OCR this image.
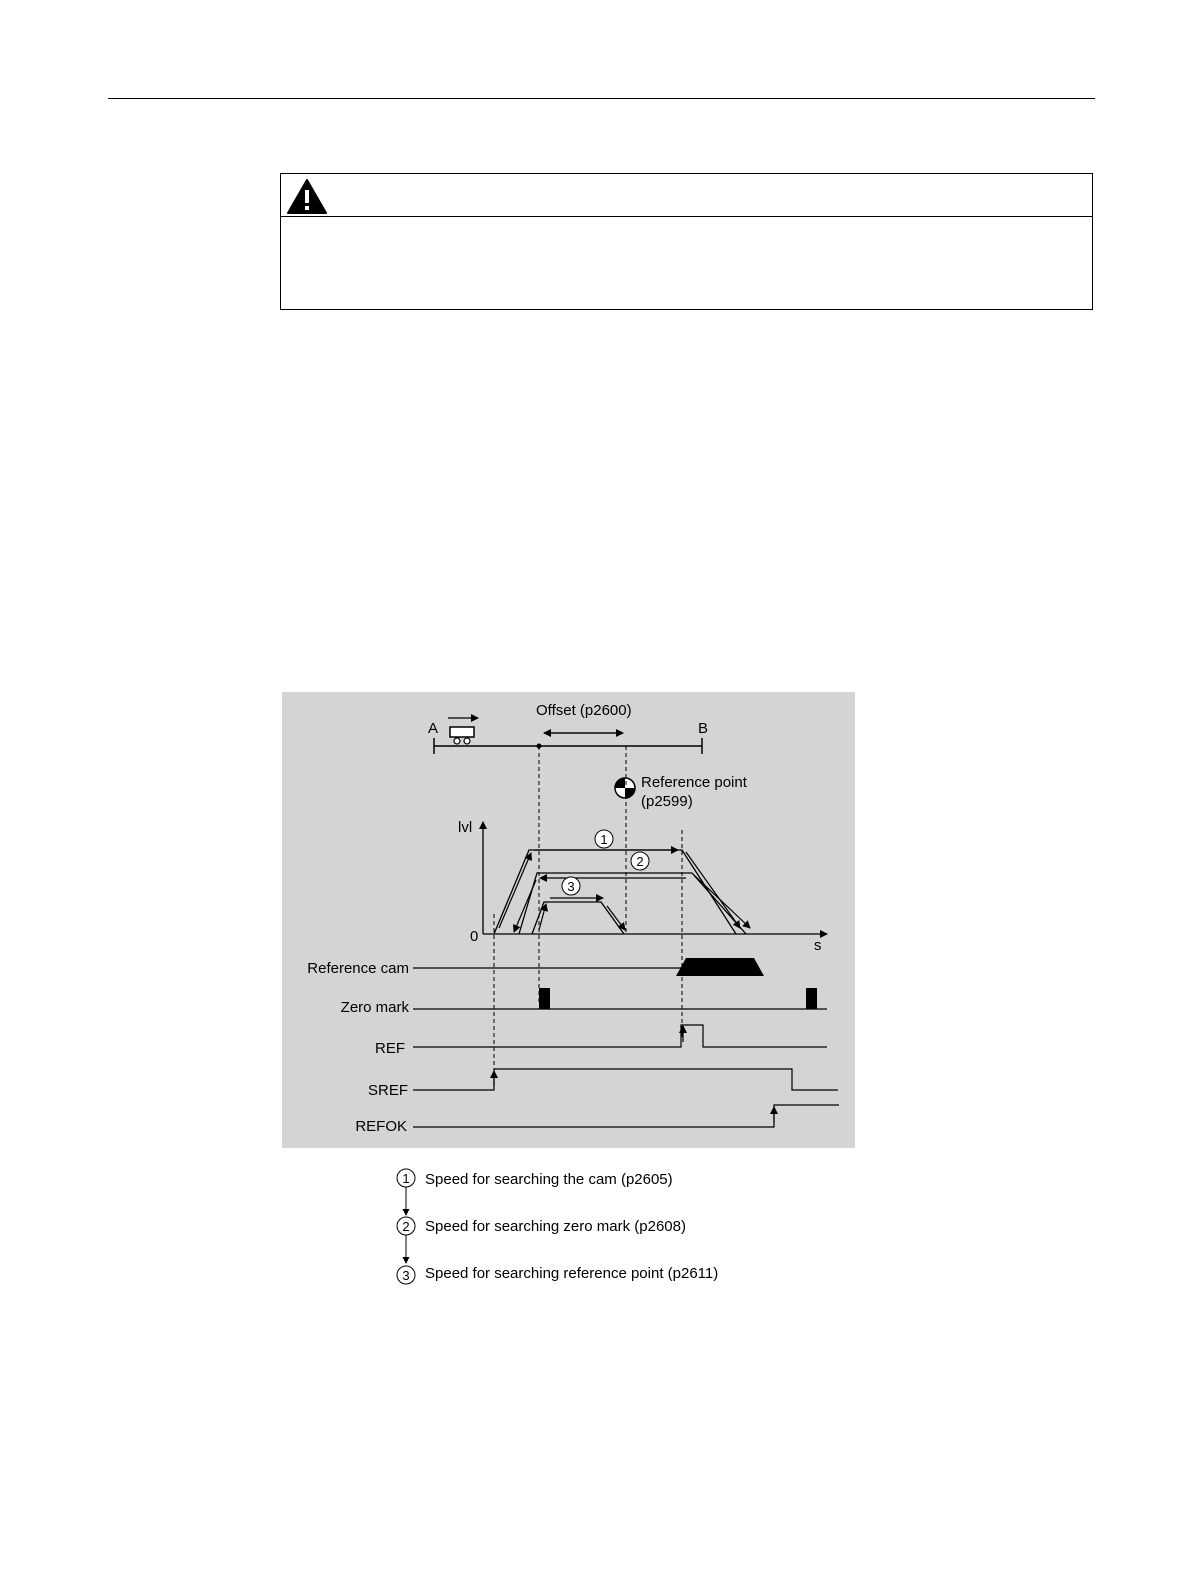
A	B
Offset (p2600)
Reference point
(p2599)
lvl
0
s
1
2
3
Reference cam
Zero mark
REF
SREF
REFOK
1
2
3
Speed for searching the cam (p2605)
Speed for searching zero mark (p2608)
Speed for searching reference point (p2611)
